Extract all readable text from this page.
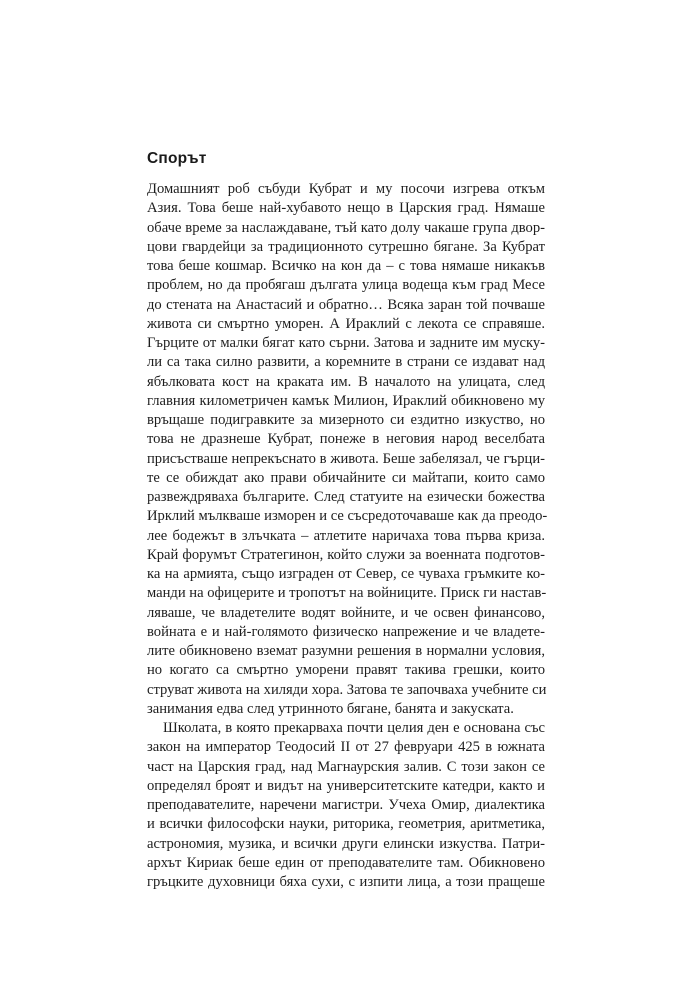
Спорът
Домашният роб събуди Кубрат и му посочи изгрева откъм
Азия. Това беше най-хубавото нещо в Царския град. Нямаше
обаче време за наслаждаване, тъй като долу чакаше група двор-
цови гвардейци за традиционното сутрешно бягане. За Кубрат
това беше кошмар. Всичко на кон да – с това нямаше никакъв
проблем, но да пробягаш дългата улица водеща към град Месе
до стената на Анастасий и обратно… Всяка заран той почваше
живота си смъртно уморен. А Ираклий с лекота се справяше.
Гърците от малки бягат като сърни. Затова и задните им муску-
ли са така силно развити, а коремните в страни се издават над
ябълковата кост на краката им. В началото на улицата, след
главния километричен камък Милион, Ираклий обикновено му
връщаше подигравките за мизерното си ездитно изкуство, но
това не дразнеше Кубрат, понеже в неговия народ веселбата
присъстваше непрекъснато в живота. Беше забелязал, че гърци-
те се обиждат ако прави обичайните си майтапи, които само
развеждряваха българите. След статуите на езически божества
Ирклий мълкваше изморен и се съсредоточаваше как да преодо-
лее бодежът в злъчката – атлетите наричаха това първа криза.
Край форумът Стратегинон, който служи за военната подготов-
ка на армията, също изграден от Север, се чуваха гръмките ко-
манди на офицерите и тропотът на войниците. Приск ги настав-
ляваше, че владетелите водят войните, и че освен финансово,
войната е и най-голямото физическо напрежение и че владете-
лите обикновено вземат разумни решения в нормални условия,
но когато са смъртно уморени правят такива грешки, които
струват живота на хиляди хора. Затова те започваха учебните си
занимания едва след утринното бягане, банята и закуската.
Школата, в която прекарваха почти целия ден е основана със
закон на император Теодосий II от 27 февруари 425 в южната
част на Царския град, над Магнаурския залив. С този закон се
определял броят и видът на университетските катедри, както и
преподавателите, наречени магистри. Учеха Омир, диалектика
и всички философски науки, риторика, геометрия, аритметика,
астрономия, музика, и всички други елински изкуства. Патри-
архът Кириак беше един от преподавателите там. Обикновено
гръцките духовници бяха сухи, с изпити лица, а този пращеше
